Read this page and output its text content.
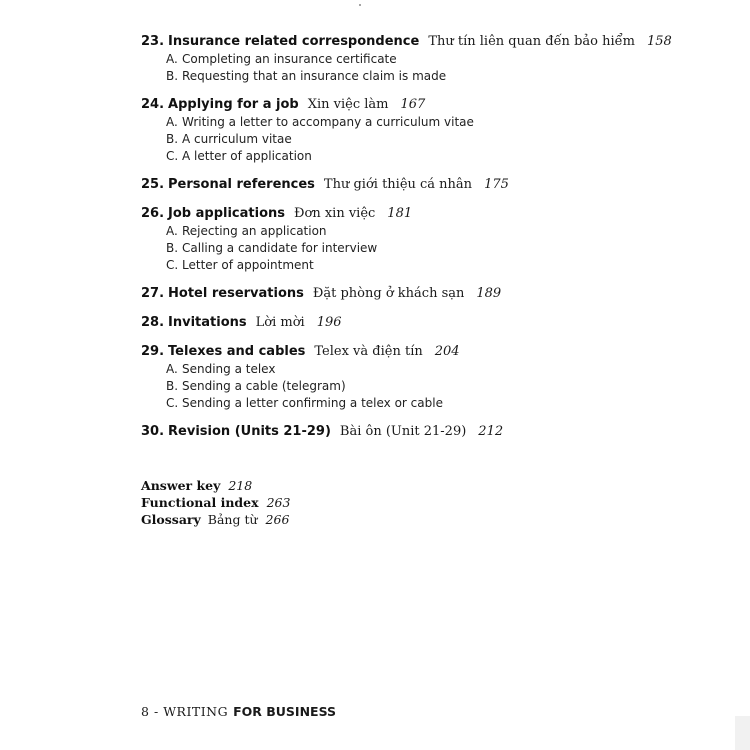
23. Insurance related correspondence Thư tín liên quan đến bảo hiểm 158
A. Completing an insurance certificate
B. Requesting that an insurance claim is made
24. Applying for a job Xin việc làm 167
A. Writing a letter to accompany a curriculum vitae
B. A curriculum vitae
C. A letter of application
25. Personal references Thư giới thiệu cá nhân 175
26. Job applications Đơn xin việc 181
A. Rejecting an application
B. Calling a candidate for interview
C. Letter of appointment
27. Hotel reservations Đặt phòng ở khách sạn 189
28. Invitations Lời mời 196
29. Telexes and cables Telex và điện tín 204
A. Sending a telex
B. Sending a cable (telegram)
C. Sending a letter confirming a telex or cable
30. Revision (Units 21-29) Bài ôn (Unit 21-29) 212
Answer key 218
Functional index 263
Glossary Bảng từ 266
8 - WRITING FOR BUSINESS
